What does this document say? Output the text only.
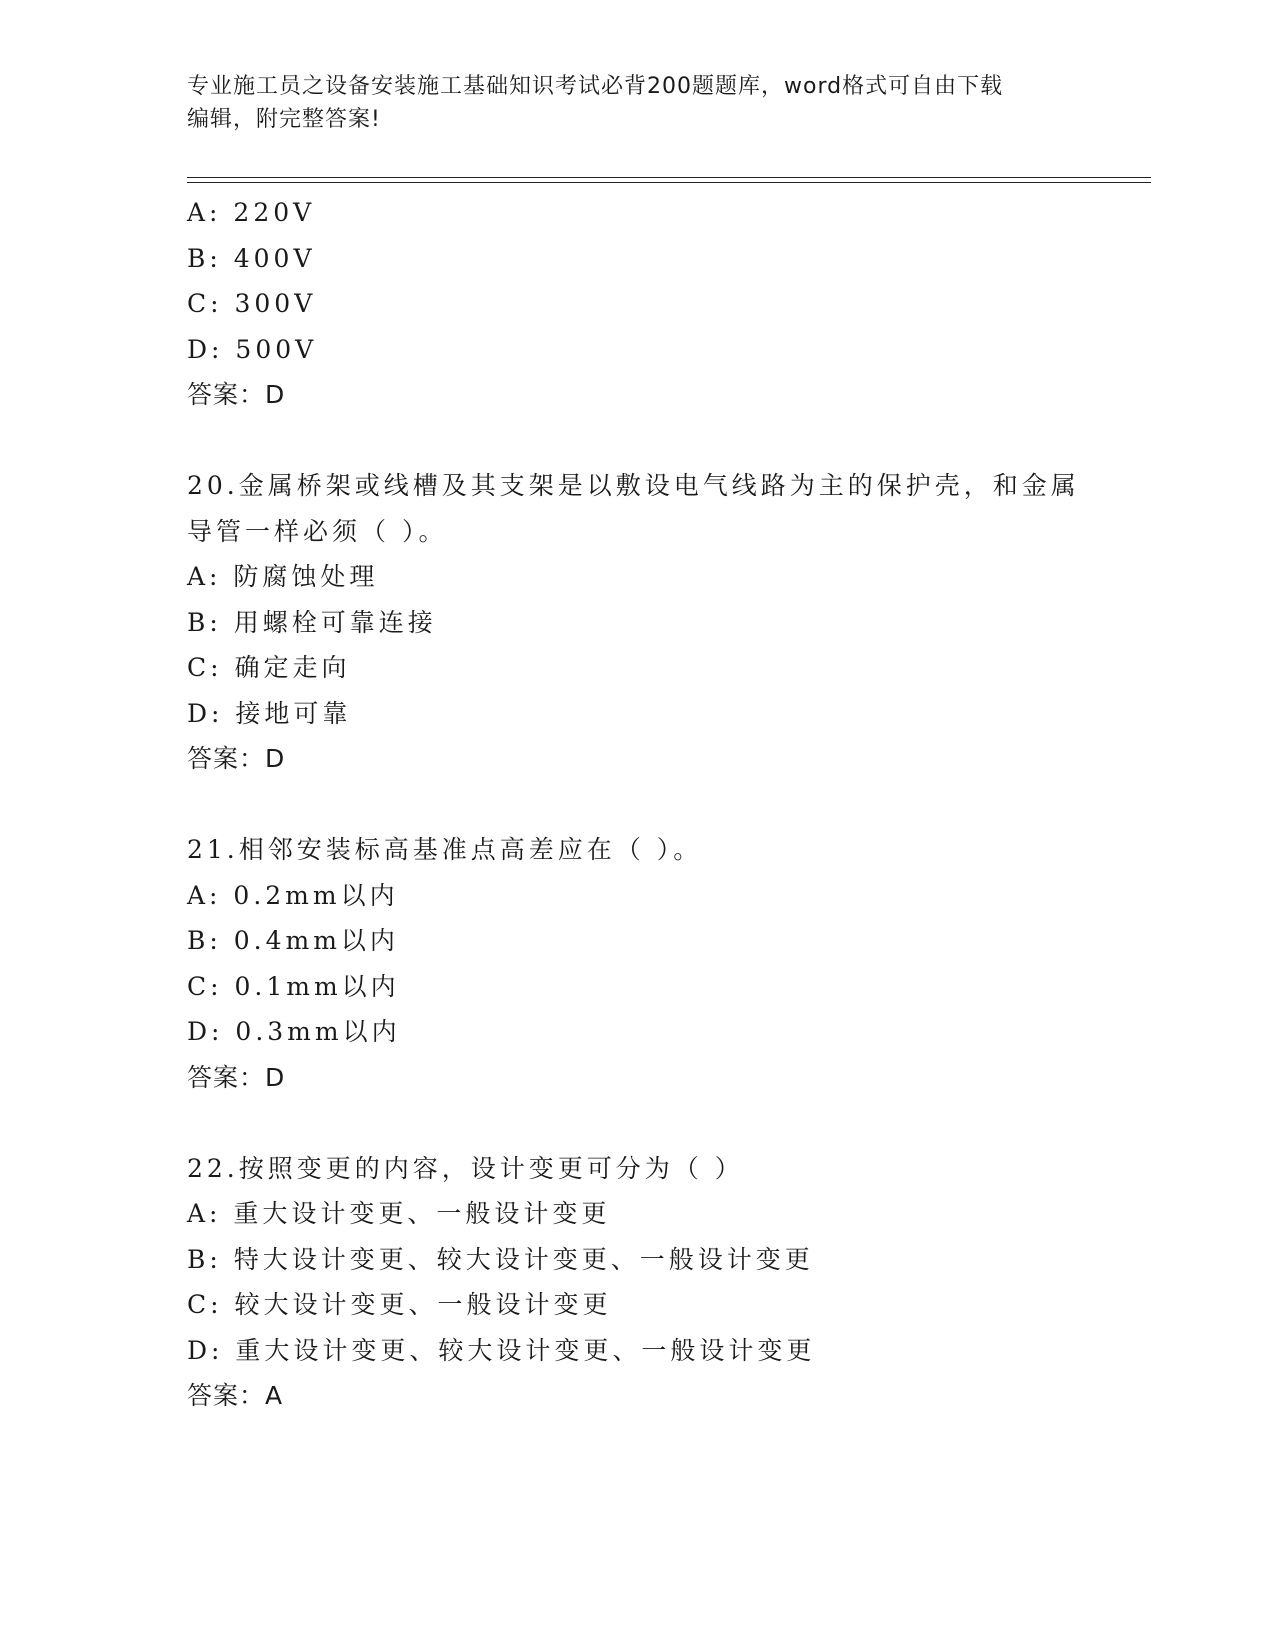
专业施工员之设备安装施工基础知识考试必背200题题库，word格式可自由下载

编辑，附完整答案!

A: 220V
B: 400V
C: 300V
D: 500V
答案：D
20.金属桥架或线槽及其支架是以敷设电气线路为主的保护壳，和金属
导管一样必须（ ）。
A: 防腐蚀处理
B: 用螺栓可靠连接
C: 确定走向
D: 接地可靠
答案：D
21.相邻安装标高基准点高差应在（ ）。
A: 0.2mm以内
B: 0.4mm以内
C: 0.1mm以内
D: 0.3mm以内
答案：D
22.按照变更的内容，设计变更可分为（ ）
A: 重大设计变更、一般设计变更
B: 特大设计变更、较大设计变更、一般设计变更
C: 较大设计变更、一般设计变更
D: 重大设计变更、较大设计变更、一般设计变更
答案：A
